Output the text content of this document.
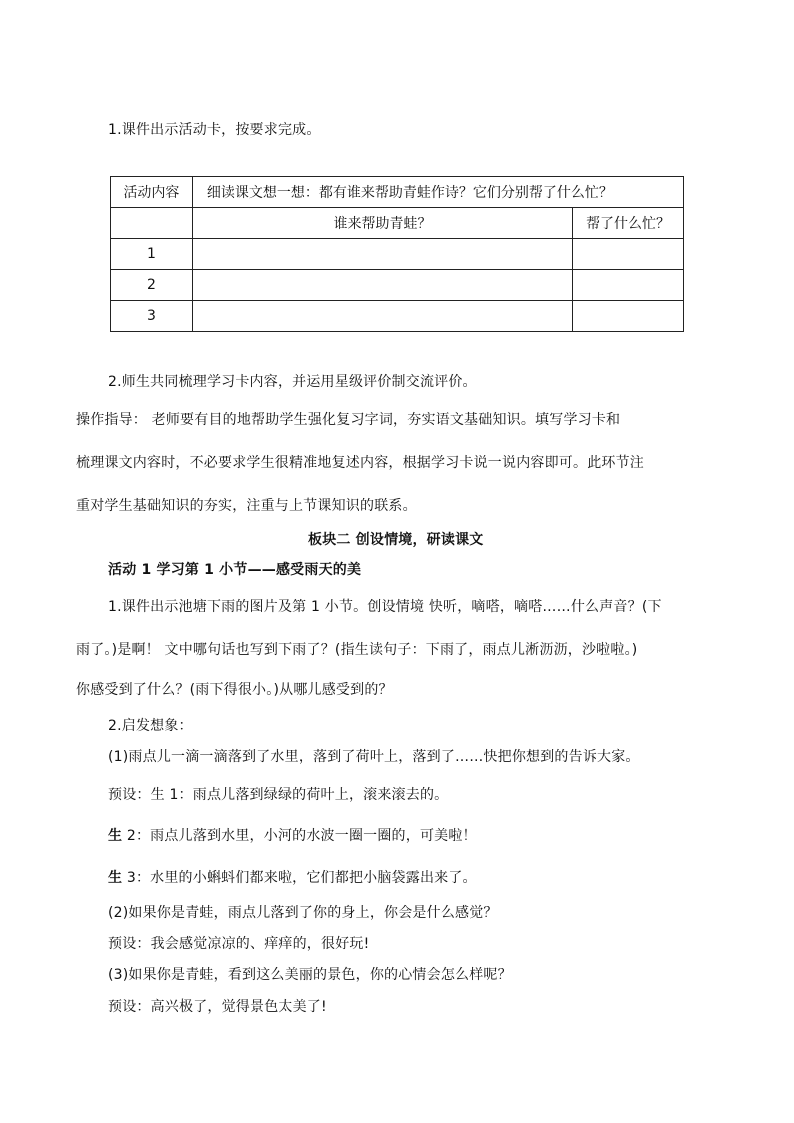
1.课件出示活动卡，按要求完成。
活动内容	细读课文想一想：都有谁来帮助青蛙作诗？它们分别帮了什么忙？	
	谁来帮助青蛙？	帮了什么忙？
1		
2		
3		
2.师生共同梳理学习卡内容，并运用星级评价制交流评价。
操作指导： 老师要有目的地帮助学生强化复习字词，夯实语文基础知识。填写学习卡和
梳理课文内容时，不必要求学生很精准地复述内容，根据学习卡说一说内容即可。此环节注
重对学生基础知识的夯实，注重与上节课知识的联系。
板块二 创设情境，研读课文
活动 1 学习第 1 小节——感受雨天的美
1.课件出示池塘下雨的图片及第 1 小节。创设情境 快听，嘀嗒，嘀嗒……什么声音？(下
雨了。)是啊！ 文中哪句话也写到下雨了？(指生读句子：下雨了，雨点儿淅沥沥，沙啦啦。)
你感受到了什么？(雨下得很小。)从哪儿感受到的？
2.启发想象：
(1)雨点儿一滴一滴落到了水里，落到了荷叶上，落到了……快把你想到的告诉大家。
预设：生 1：雨点儿落到绿绿的荷叶上，滚来滚去的。
生 2：雨点儿落到水里，小河的水波一圈一圈的，可美啦！
生 3：水里的小蝌蚪们都来啦，它们都把小脑袋露出来了。
(2)如果你是青蛙，雨点儿落到了你的身上，你会是什么感觉？
预设：我会感觉凉凉的、痒痒的，很好玩!
(3)如果你是青蛙，看到这么美丽的景色，你的心情会怎么样呢？
预设：高兴极了，觉得景色太美了!
